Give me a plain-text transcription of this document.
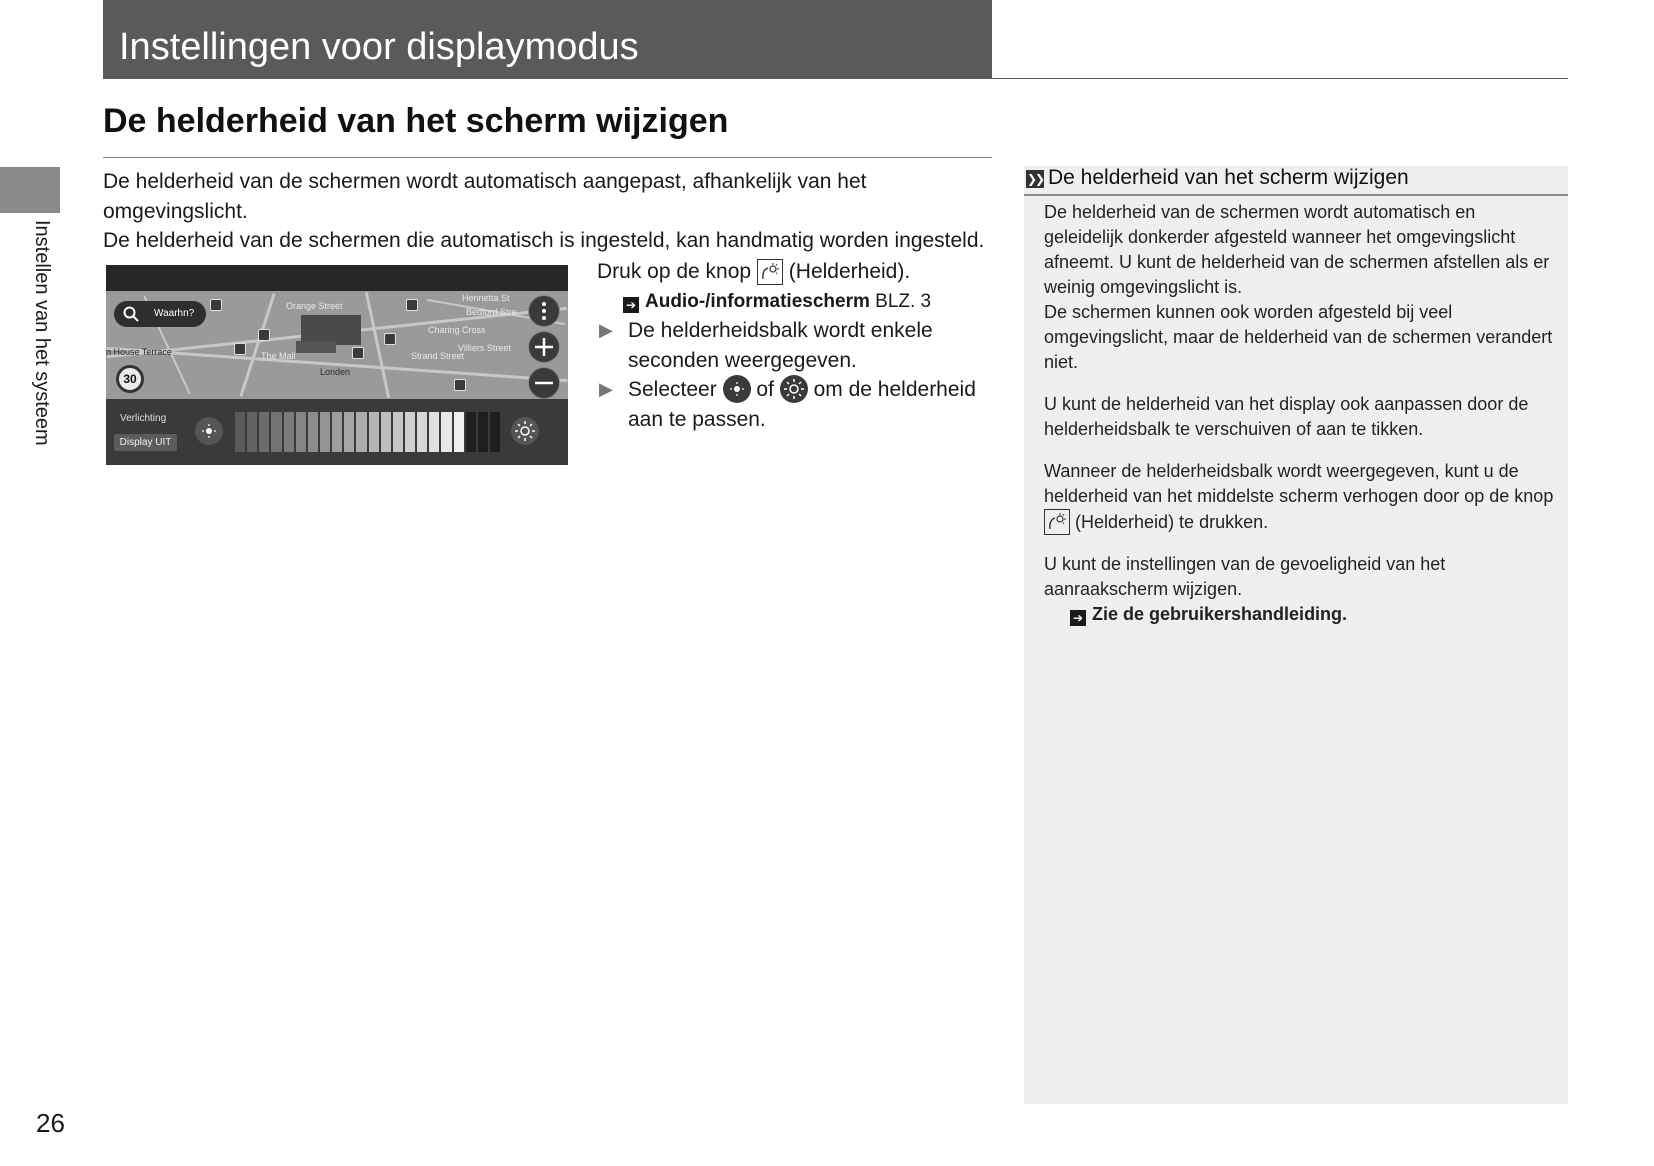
Instellingen voor displaymodus
De helderheid van het scherm wijzigen
Instellen van het systeem
26

De helderheid van de schermen wordt automatisch aangepast, afhankelijk van het omgevingslicht.

De helderheid van de schermen die automatisch is ingesteld, kan handmatig worden ingesteld.

Orange Street
Charing Cross
Villiers Street
Strand Street
Bedford Stre
Henrietta St
n House Terrace	The Mall
Londen
Waarhn?
30
Verlichting
Display UIT
Druk op de knop (Helderheid).
➔ Audio-/informatiescherm BLZ. 3
▶ De helderheidsbalk wordt enkele seconden weergegeven.
▶ Selecteer of om de helderheid aan te passen.
❯❯ De helderheid van het scherm wijzigen

De helderheid van de schermen wordt automatisch en geleidelijk donkerder afgesteld wanneer het omgevingslicht afneemt. U kunt de helderheid van de schermen afstellen als er weinig omgevingslicht is.
De schermen kunnen ook worden afgesteld bij veel omgevingslicht, maar de helderheid van de schermen verandert niet.

U kunt de helderheid van het display ook aanpassen door de helderheidsbalk te verschuiven of aan te tikken.

Wanneer de helderheidsbalk wordt weergegeven, kunt u de helderheid van het middelste scherm verhogen door op de knop  (Helderheid) te drukken.

U kunt de instellingen van de gevoeligheid van het aanraakscherm wijzigen.

➔ Zie de gebruikershandleiding.
